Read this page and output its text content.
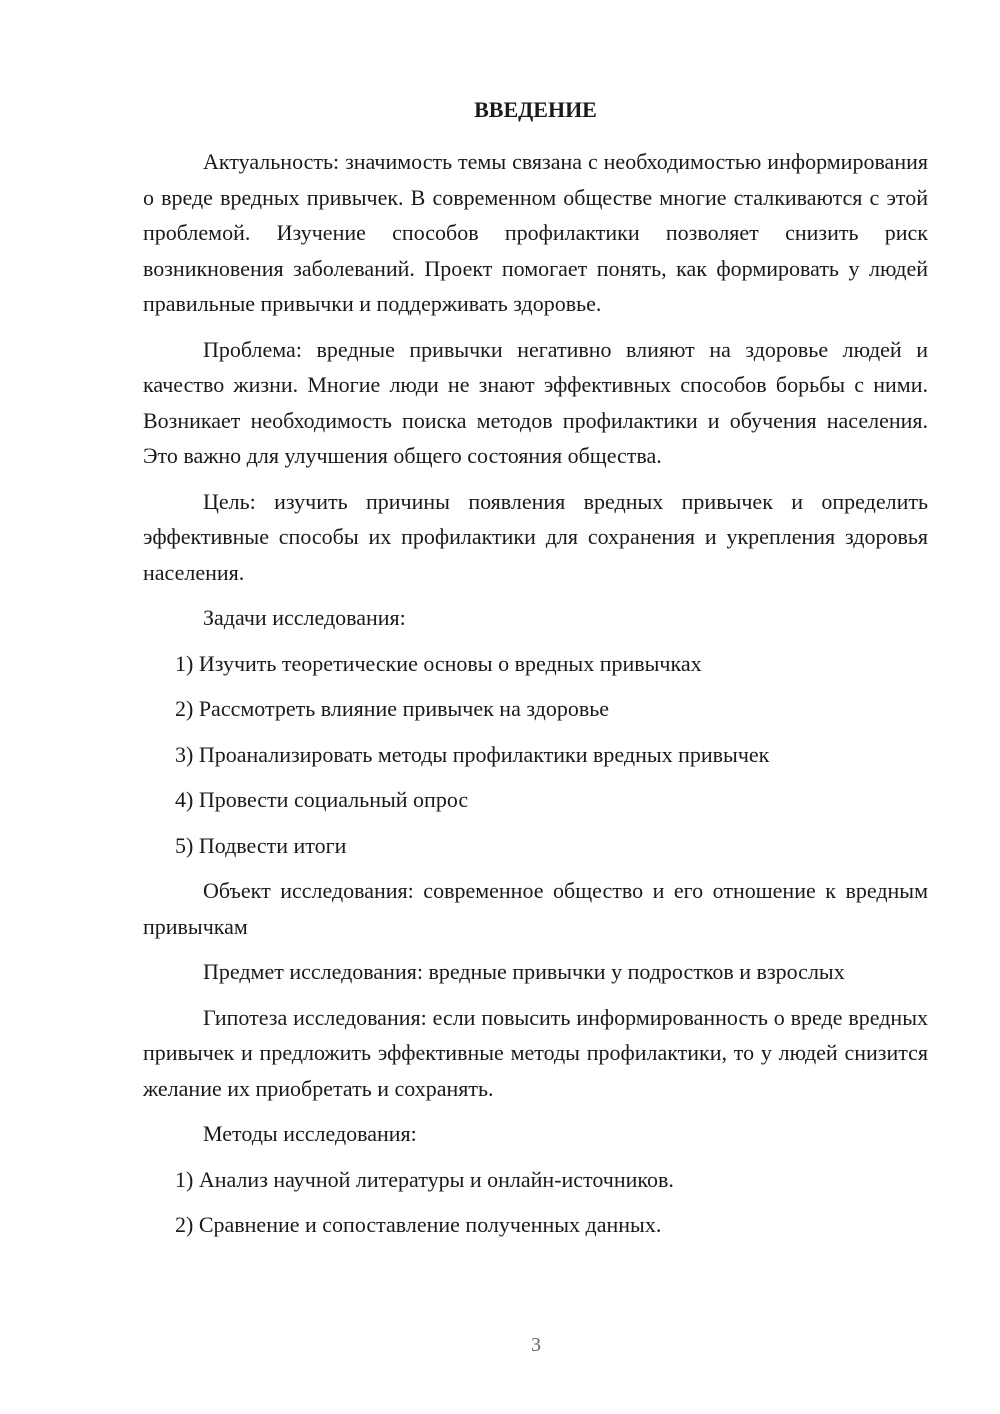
ВВЕДЕНИЕ

Актуальность: значимость темы связана с необходимостью информирования о вреде вредных привычек. В современном обществе многие сталкиваются с этой проблемой. Изучение способов профилактики позволяет снизить риск возникновения заболеваний. Проект помогает понять, как формировать у людей правильные привычки и поддерживать здоровье.

Проблема: вредные привычки негативно влияют на здоровье людей и качество жизни. Многие люди не знают эффективных способов борьбы с ними. Возникает необходимость поиска методов профилактики и обучения населения. Это важно для улучшения общего состояния общества.

Цель: изучить причины появления вредных привычек и определить эффективные способы их профилактики для сохранения и укрепления здоровья населения.

Задачи исследования:

1) Изучить теоретические основы о вредных привычках
2) Рассмотреть влияние привычек на здоровье
3) Проанализировать методы профилактики вредных привычек
4) Провести социальный опрос
5) Подвести итоги

Объект исследования: современное общество и его отношение к вредным привычкам

Предмет исследования: вредные привычки у подростков и взрослых

Гипотеза исследования: если повысить информированность о вреде вредных привычек и предложить эффективные методы профилактики, то у людей снизится желание их приобретать и сохранять.

Методы исследования:

1) Анализ научной литературы и онлайн-источников.
2) Сравнение и сопоставление полученных данных.
3
